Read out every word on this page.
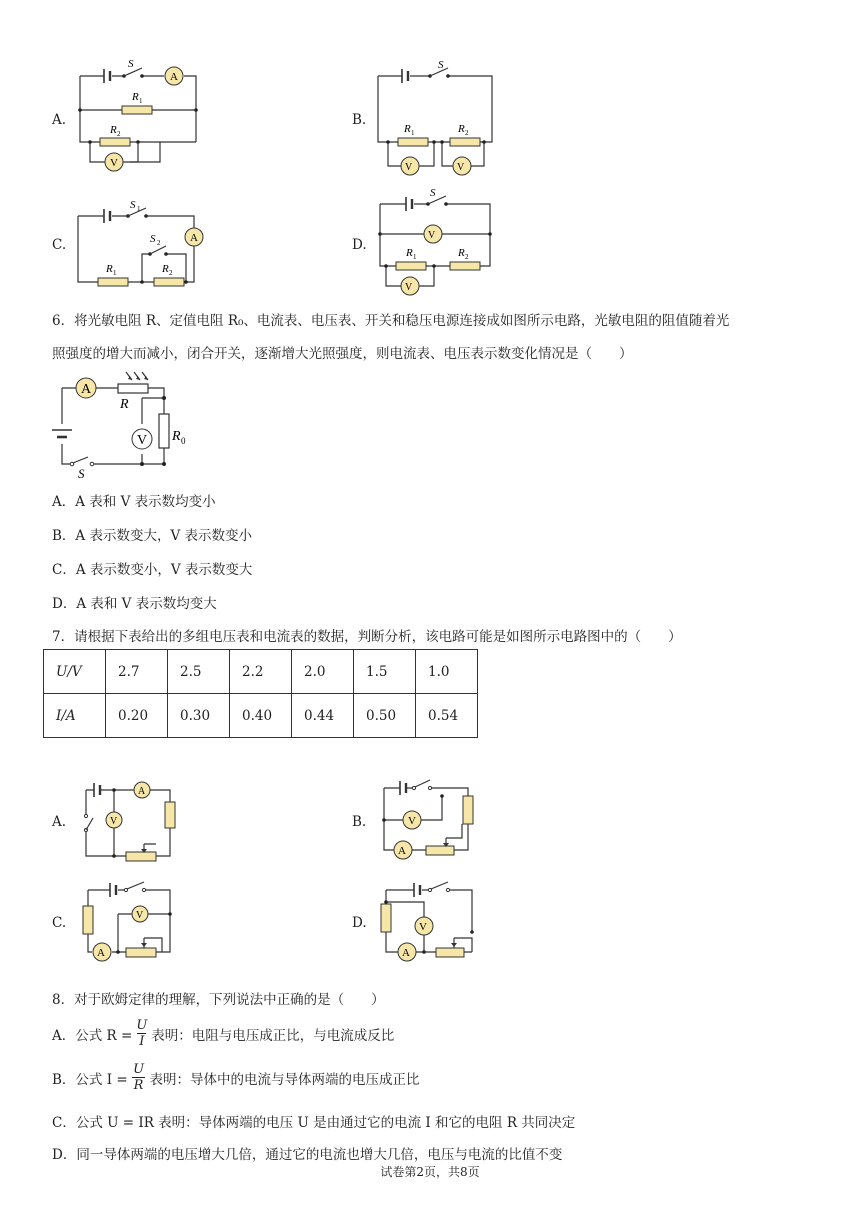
A.
S
A
R 1
R 2
V
B.
S
R 1	R 2
V	V
C.
S 1
A
R 1	R 2
S 2	D.
S
V
R 1	R 2
V
6．将光敏电阻 R、定值电阻 R₀、电流表、电压表、开关和稳压电源连接成如图所示电路，光敏电阻的阻值随着光
照强度的增大而减小，闭合开关，逐渐增大光照强度，则电流表、电压表示数变化情况是（　　）
A
R
V R 0
S
A．A 表和 V 表示数均变小
B．A 表示数变大，V 表示数变小
C．A 表示数变小，V 表示数变大
D．A 表和 V 表示数均变大
7．请根据下表给出的多组电压表和电流表的数据，判断分析，该电路可能是如图所示电路图中的（　　）
U/V	2.7	2.5	2.2	2.0	1.5	1.0
I/A	0.20	0.30	0.40	0.44	0.50	0.54
A.
A
V	B.	V
A
C.	V
A
D.	V
A
8．对于欧姆定律的理解，下列说法中正确的是（　　）
A．公式 $R = \frac{U}{I}$ 表明：电阻与电压成正比，与电流成反比
B．公式 $I = \frac{U}{R}$ 表明：导体中的电流与导体两端的电压成正比
C．公式 U = IR 表明：导体两端的电压 U 是由通过它的电流 I 和它的电阻 R 共同决定
D．同一导体两端的电压增大几倍，通过它的电流也增大几倍，电压与电流的比值不变
试卷第2页，共8页
